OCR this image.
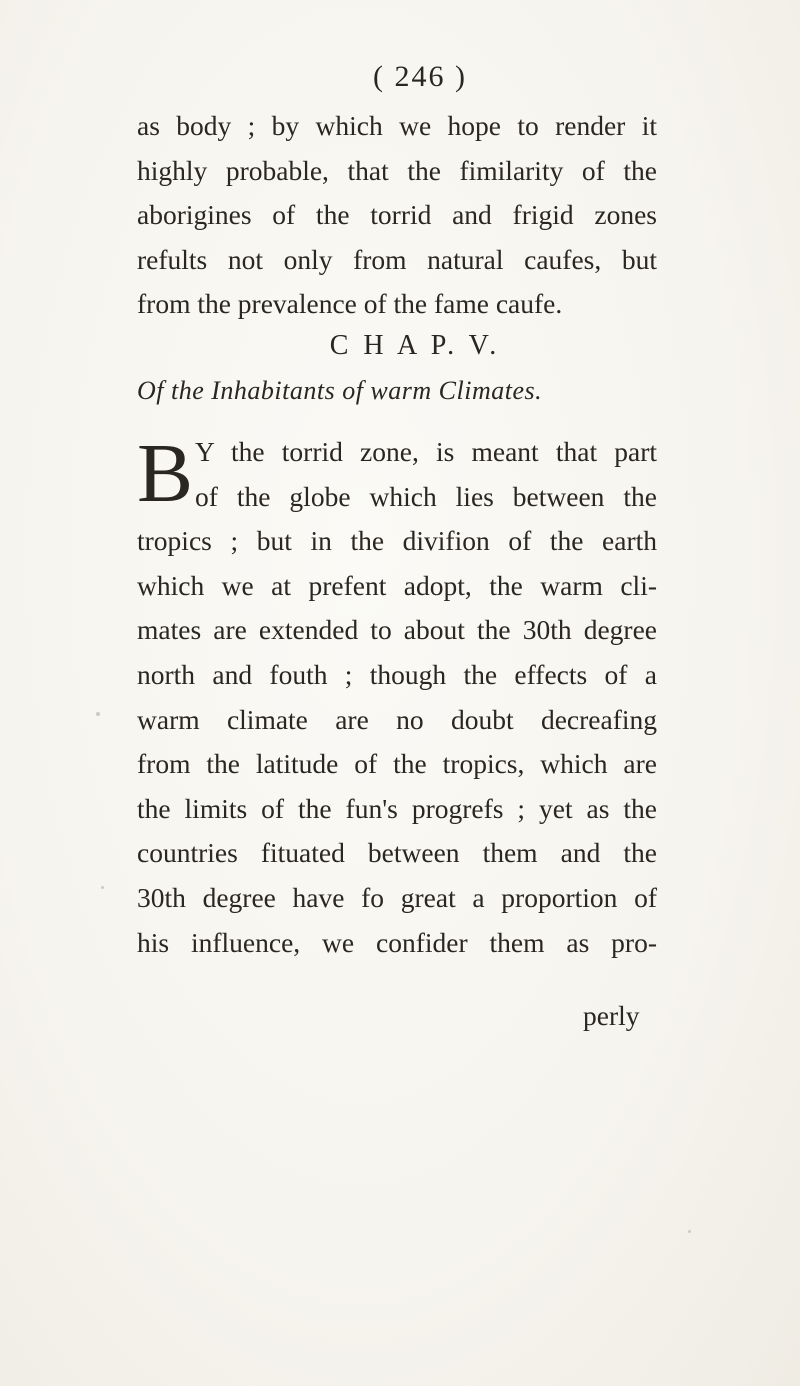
( 246 )
as body ; by which we hope to render it
highly probable, that the fimilarity of the
aborigines of the torrid and frigid zones
refults not only from natural caufes, but
from the prevalence of the fame caufe.
C H A P. V.
Of the Inhabitants of warm Climates.
B Y the torrid zone, is meant that part
of the globe which lies between the
tropics ; but in the divifion of the earth
which we at prefent adopt, the warm cli-
mates are extended to about the 30th degree
north and fouth ; though the effects of a
warm climate are no doubt decreafing
from the latitude of the tropics, which are
the limits of the fun's progrefs ; yet as the
countries fituated between them and the
30th degree have fo great a proportion of
his influence, we confider them as pro-
perly
